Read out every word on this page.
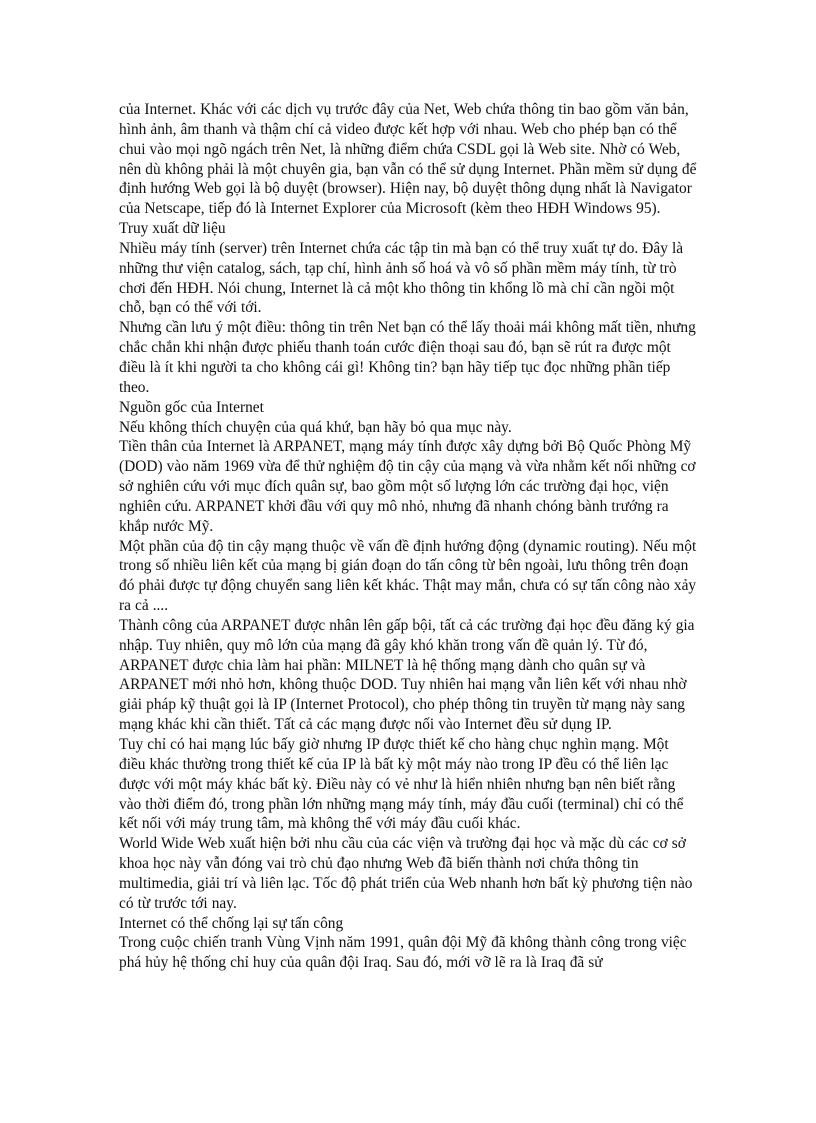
của Internet. Khác với các dịch vụ trước đây của Net, Web chứa thông tin bao gồm văn bản, hình ảnh, âm thanh và thậm chí cả video được kết hợp với nhau. Web cho phép bạn có thể chui vào mọi ngõ ngách trên Net, là những điểm chứa CSDL gọi là Web site. Nhờ có Web, nên dù không phải là một chuyên gia, bạn vẫn có thể sử dụng Internet. Phần mềm sử dụng để định hướng Web gọi là bộ duyệt (browser). Hiện nay, bộ duyệt thông dụng nhất là Navigator của Netscape, tiếp đó là Internet Explorer của Microsoft (kèm theo HĐH Windows 95).

Truy xuất dữ liệu

Nhiều máy tính (server) trên Internet chứa các tập tin mà bạn có thể truy xuất tự do. Đây là những thư viện catalog, sách, tạp chí, hình ảnh số hoá và vô số phần mềm máy tính, từ trò chơi đến HĐH. Nói chung, Internet là cả một kho thông tin khổng lồ mà chỉ cần ngồi một chỗ, bạn có thể với tới.

Nhưng cần lưu ý một điều: thông tin trên Net bạn có thể lấy thoải mái không mất tiền, nhưng chắc chắn khi nhận được phiếu thanh toán cước điện thoại sau đó, bạn sẽ rút ra được một điều là ít khi người ta cho không cái gì! Không tin? bạn hãy tiếp tục đọc những phần tiếp theo.

Nguồn gốc của Internet

Nếu không thích chuyện của quá khứ, bạn hãy bỏ qua mục này.

Tiền thân của Internet là ARPANET, mạng máy tính được xây dựng bởi Bộ Quốc Phòng Mỹ (DOD) vào năm 1969 vừa để thử nghiệm độ tin cậy của mạng và vừa nhằm kết nối những cơ sở nghiên cứu với mục đích quân sự, bao gồm một số lượng lớn các trường đại học, viện nghiên cứu. ARPANET khởi đầu với quy mô nhỏ, nhưng đã nhanh chóng bành trướng ra khắp nước Mỹ.

Một phần của độ tin cậy mạng thuộc về vấn đề định hướng động (dynamic routing). Nếu một trong số nhiều liên kết của mạng bị gián đoạn do tấn công từ bên ngoài, lưu thông trên đoạn đó phải được tự động chuyển sang liên kết khác. Thật may mắn, chưa có sự tấn công nào xảy ra cả ....

Thành công của ARPANET được nhân lên gấp bội, tất cả các trường đại học đều đăng ký gia nhập. Tuy nhiên, quy mô lớn của mạng đã gây khó khăn trong vấn đề quản lý. Từ đó, ARPANET được chia làm hai phần: MILNET là hệ thống mạng dành cho quân sự và ARPANET mới nhỏ hơn, không thuộc DOD. Tuy nhiên hai mạng vẫn liên kết với nhau nhờ giải pháp kỹ thuật gọi là IP (Internet Protocol), cho phép thông tin truyền từ mạng này sang mạng khác khi cần thiết. Tất cả các mạng được nối vào Internet đều sử dụng IP.

Tuy chỉ có hai mạng lúc bấy giờ nhưng IP được thiết kế cho hàng chục nghìn mạng. Một điều khác thường trong thiết kế của IP là bất kỳ một máy nào trong IP đều có thể liên lạc được với một máy khác bất kỳ. Điều này có vẻ như là hiển nhiên nhưng bạn nên biết rằng vào thời điểm đó, trong phần lớn những mạng máy tính, máy đầu cuối (terminal) chỉ có thể kết nối với máy trung tâm, mà không thể với máy đầu cuối khác.

World Wide Web xuất hiện bởi nhu cầu của các viện và trường đại học và mặc dù các cơ sở khoa học này vẫn đóng vai trò chủ đạo nhưng Web đã biến thành nơi chứa thông tin multimedia, giải trí và liên lạc. Tốc độ phát triển của Web nhanh hơn bất kỳ phương tiện nào có từ trước tới nay.

Internet có thể chống lại sự tấn công

Trong cuộc chiến tranh Vùng Vịnh năm 1991, quân đội Mỹ đã không thành công trong việc phá hủy hệ thống chỉ huy của quân đội Iraq. Sau đó, mới vỡ lẽ ra là Iraq đã sử
